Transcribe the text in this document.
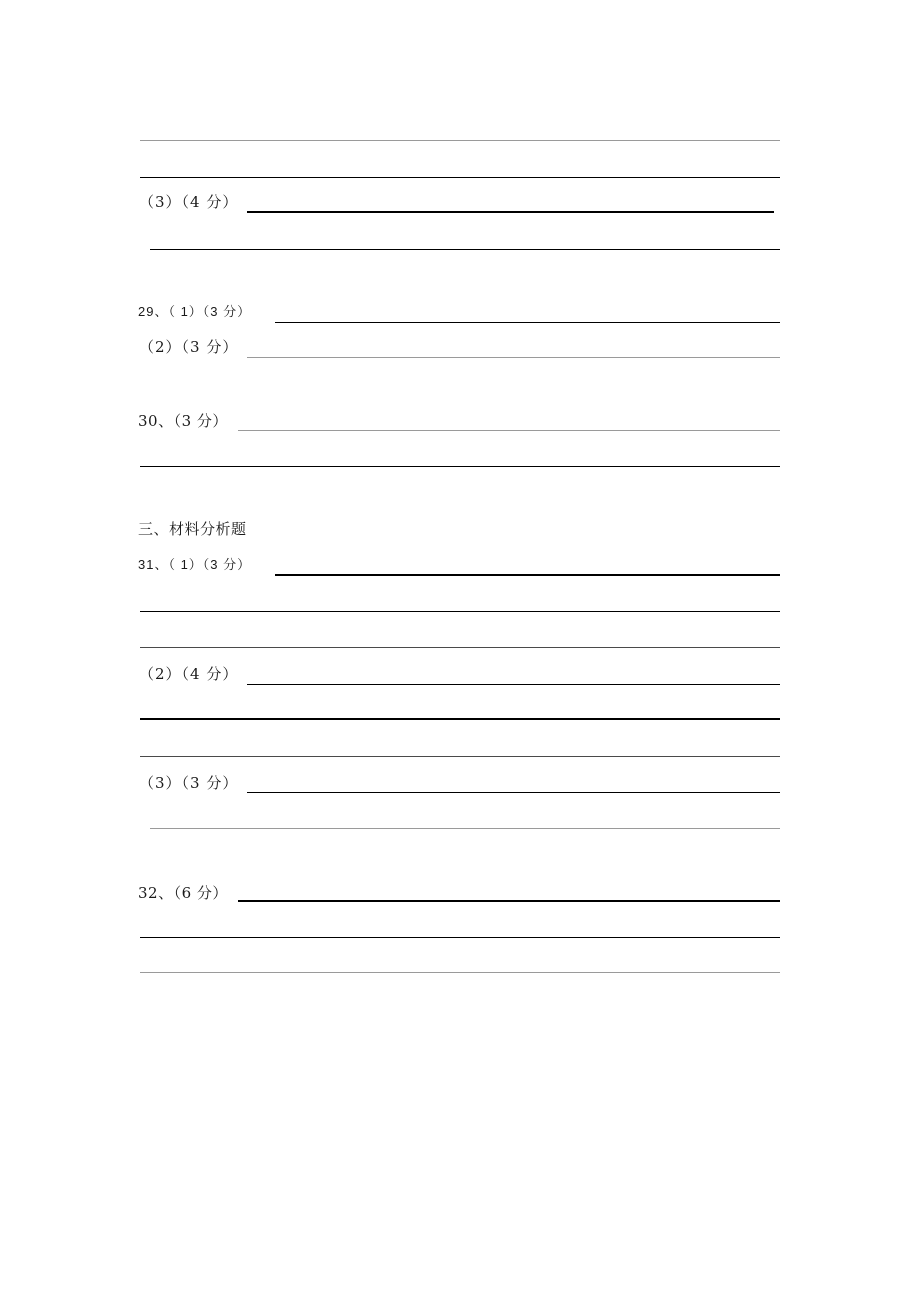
（3）（4 分）
29、（ 1）（3 分）
（2）（3 分）
30、（3 分）
三、材料分析题
31、（ 1）（3 分）
（2）（4 分）
（3）（3 分）
32、（6 分）
